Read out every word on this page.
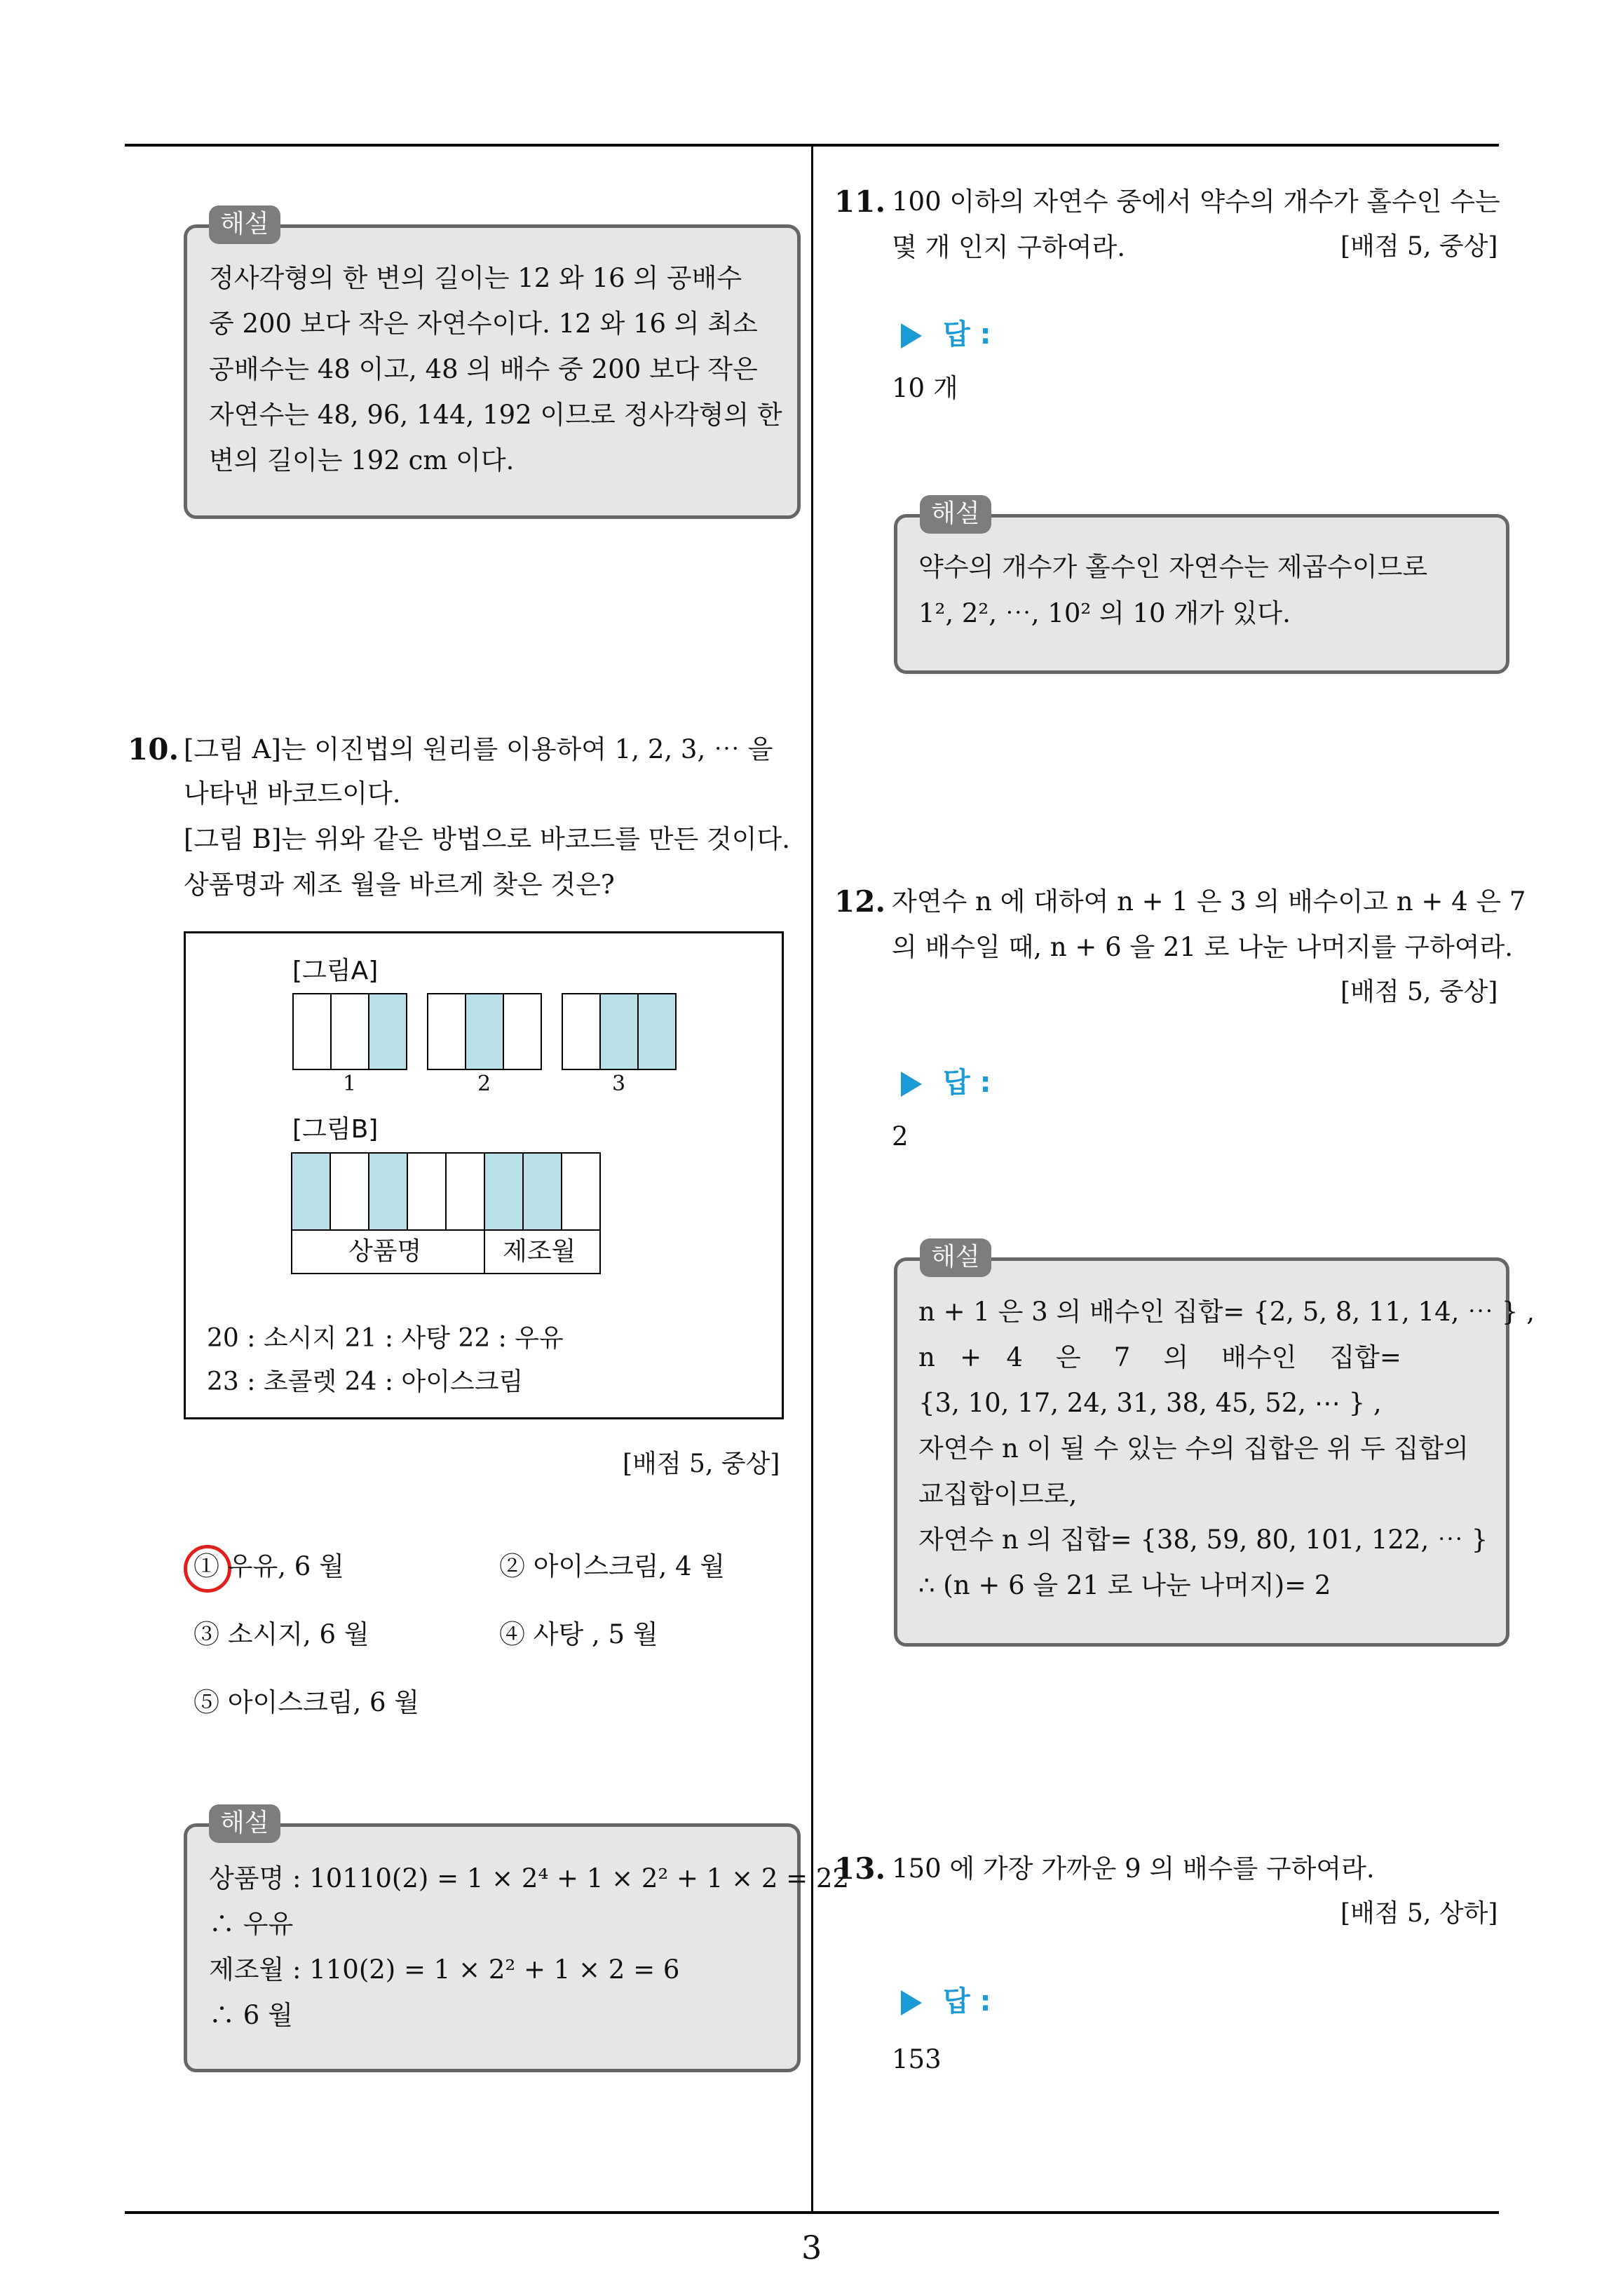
3
해설
정사각형의 한 변의 길이는 12 와 16 의 공배수
중 200 보다 작은 자연수이다. 12 와 16 의 최소
공배수는 48 이고, 48 의 배수 중 200 보다 작은
자연수는 48, 96, 144, 192 이므로 정사각형의 한
변의 길이는 192 cm 이다.
10. [그림 A]는 이진법의 원리를 이용하여 1, 2, 3, ⋯ 을
나타낸 바코드이다.
[그림 B]는 위와 같은 방법으로 바코드를 만든 것이다.
상품명과 제조 월을 바르게 찾은 것은?
[그림A]
1	2	3
[그림B]
상품명	제조월
20 : 소시지 21 : 사탕 22 : 우유
23 : 초콜렛 24 : 아이스크림
[배점 5, 중상]
① 우유, 6 월	② 아이스크림, 4 월
③ 소시지, 6 월	④ 사탕 , 5 월
⑤ 아이스크림, 6 월
해설
상품명 : 10110(2) = 1 × 2⁴ + 1 × 2² + 1 × 2 = 22
∴ 우유
제조월 : 110(2) = 1 × 2² + 1 × 2 = 6
∴ 6 월
11. 100 이하의 자연수 중에서 약수의 개수가 홀수인 수는
몇 개 인지 구하여라.	[배점 5, 중상]
답 :
10 개
해설
약수의 개수가 홀수인 자연수는 제곱수이므로
1², 2², ⋯, 10² 의 10 개가 있다.
12. 자연수 n 에 대하여 n + 1 은 3 의 배수이고 n + 4 은 7
의 배수일 때, n + 6 을 21 로 나눈 나머지를 구하여라.
[배점 5, 중상]
답 :
2
해설
n + 1 은 3 의 배수인 집합= {2, 5, 8, 11, 14, ⋯ } ,
n   +   4    은    7    의    배수인    집합=
{3, 10, 17, 24, 31, 38, 45, 52, ⋯ } ,
자연수 n 이 될 수 있는 수의 집합은 위 두 집합의
교집합이므로,
자연수 n 의 집합= {38, 59, 80, 101, 122, ⋯ }
∴ (n + 6 을 21 로 나눈 나머지)= 2
13. 150 에 가장 가까운 9 의 배수를 구하여라.
[배점 5, 상하]
답 :
153
